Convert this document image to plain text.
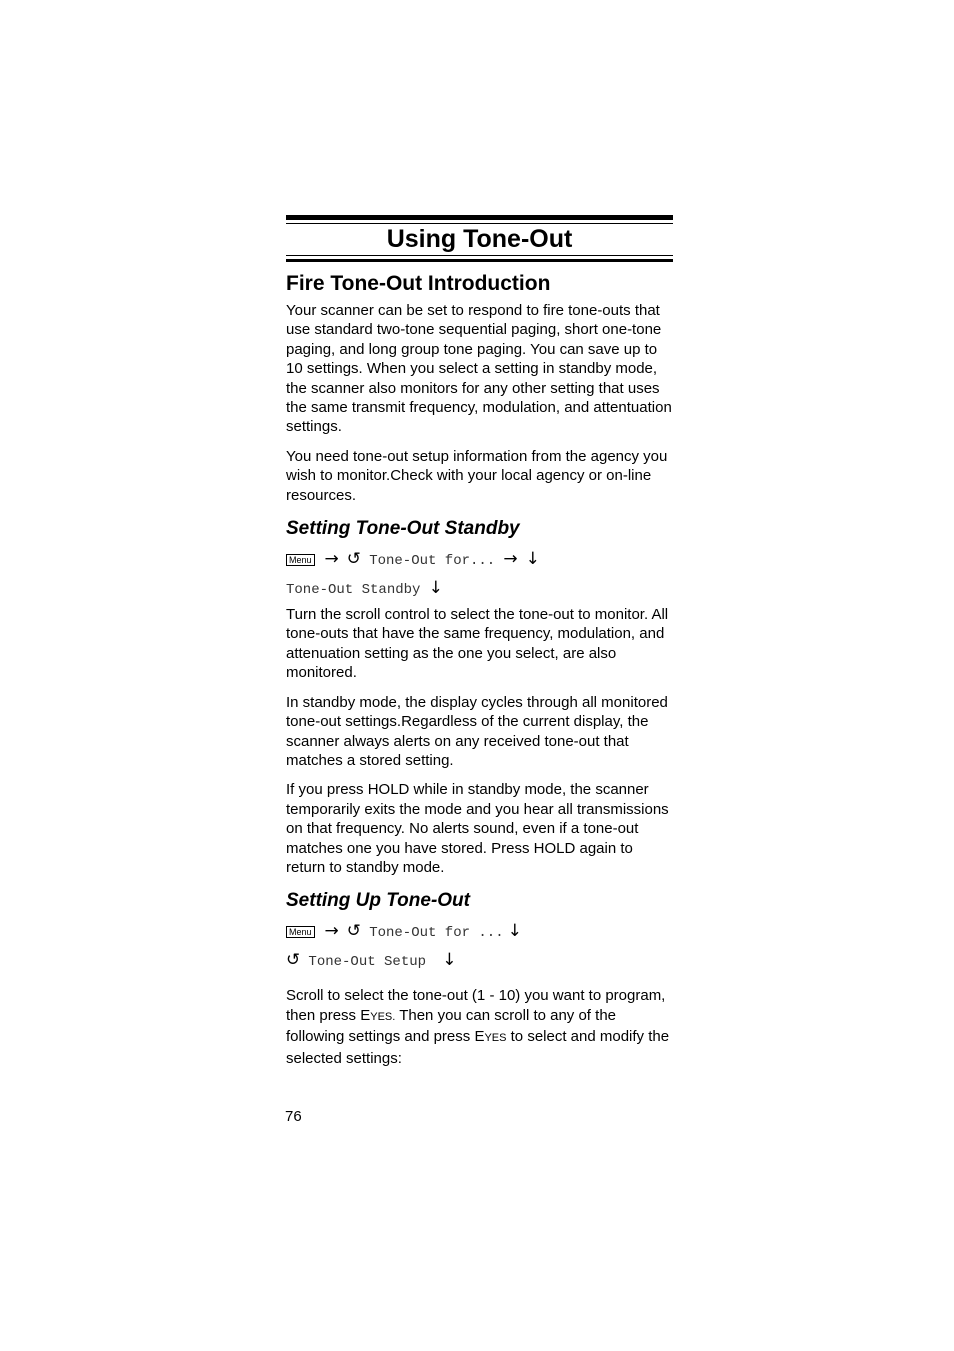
Using Tone-Out
Fire Tone-Out Introduction

Your scanner can be set to respond to fire tone-outs that use standard two-tone sequential paging, short one-tone paging, and long group tone paging. You can save up to 10 settings. When you select a setting in standby mode, the scanner also monitors for any other setting that uses the same transmit frequency, modulation, and attentuation settings.

You need tone-out setup information from the agency you wish to monitor.Check with your local agency or on-line resources.

Setting Tone-Out Standby
Menu → ↺ Tone-Out for... → ↓
Tone-Out Standby ↓

Turn the scroll control to select the tone-out to monitor. All tone-outs that have the same frequency, modulation, and attenuation setting as the one you select, are also monitored.

In standby mode, the display cycles through all monitored tone-out settings.Regardless of the current display, the scanner always alerts on any received tone-out that matches a stored setting.

If you press HOLD while in standby mode, the scanner temporarily exits the mode and you hear all transmissions on that frequency. No alerts sound, even if a tone-out matches one you have stored. Press HOLD again to return to standby mode.

Setting Up Tone-Out
Menu → ↺ Tone-Out for ... ↓
↺ Tone-Out Setup ↓

Scroll to select the tone-out (1 - 10) you want to program, then press EYES. Then you can scroll to any of the following settings and press EYES to select and modify the selected settings:

76
